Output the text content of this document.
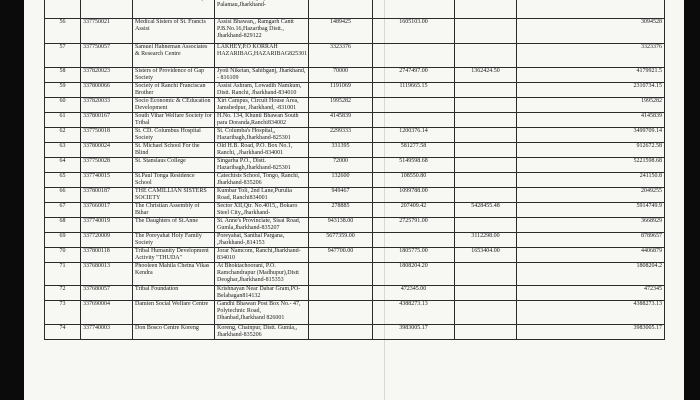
			Palamau,Jharkhand-				
56	337750021	Medical Sisters of St. Francis Assisi	Assisi Bhawan,, Ramgarh Cantt P.B.No.16,Hazaribag Distt., Jharkhand-829122	1489425	1605103.00		3094528
57	337750057	Samuel Hahneman Associates & Research Centre	LAKHEY,P.O KORRAH HAZARIBAG,HAZARIBAG825301	3323376			3323376
58	337820023	Sisters of Providence of Gap Society	Jyoti Niketan, Sahibganj, Jharkhand, - 816109	70000	2747497.00	1362424.50	4179921.5
59	337800066	Society of Ranchi Franciscan Brother	Assisi Ashram, Lowadih Namkum, Distt. Ranchi, Jharkhand-834010	1191069	1119665.15		2310734.15
60	337820033	Socio Economic & CEducation Development	Xiri Campus, Circuit House Area, Jamshedpur, Jharkhand, -831001	1995282			1995282
61	337800167	South Vihar Welfare Society for Tribal	H.No. 134, Khunti Bhawan South para Doranda,Ranchi834002	4145839			4145839
62	337750018	St. CD. Columbus Hospital Society	St. Columba's Hospital,, Hazaribagh,Jharkhand-825301	2299333	1200376.14		3499709.14
63	337800024	St. Michael School For the Blind	Old H.B. Road, P.O. Box No.1, Ranchi, ,Jharkhand-834001	331395	581277.58		912672.58
64	337750028	St. Stanslaus College	Singarha P.O., Distt. Hazaribagh,Jharkhand-825301	72000	5149598.68		5221598.68
65	337740015	St.Paul Tonga Residence School	Catechists School, Tongo, Ranchi, Jharkhand-835206	132600	108550.80		241150.8
66	337800187	THE CAMILLIAN SISTERS SOCIETY	Kumbar Toli, 2nd Lane,Purulia Road, Ranchi834001	949467	1099788.00		2049255
67	337660017	The Christian Assembly of Bihar	Sector XII,Qtr. No.4015,, Bokaro Steel City,,Jharkhand-	278885	207409.42	5428455.48	5914749.9
68	337740019	The Daughters of St.Anne	St. Anne's Provinciate, Sisai Road, Gumla,Jharkhand-835207	943138.00	2725791.00		3668929
69	337720009	The Poreyahat Holy Family Society	Poreyahat, Santhal Pargana, ,Jharkhand-,814153	5677359.00		3112298.00	8789657
70	337800118	Tribal Humanity Development Activity "THUDA"	Jorar Namcom, Ranchi,Jharkhand-834010	947700.00	1805775.00	1653404.00	4406879
71	337680013	Phooleen Mahila Chetna Vikas Kendra	At Bhoktachoorani, P.O. Ramchandrapur (Madhupur),Distt Deoghar,Jharkhand-815353		1808204.20		1808204.2
72	337680057	Tribal Foundation	Krishnayan Near Dabar Gram,PO-Belabagan814132		472345.00		472345
73	337690004	Damien Social Welfare Centre	Gandhi Bhawan Post Box No.- 47, Polytechnic Road, Dhanbad,Jharkhand 826001		4388273.13		4388273.13
74	337740003	Don Bosco Centre Koreng	Koreng, Chainpur, Distt. Gumla,, Jharkhand-835206		3983005.17		3983005.17
